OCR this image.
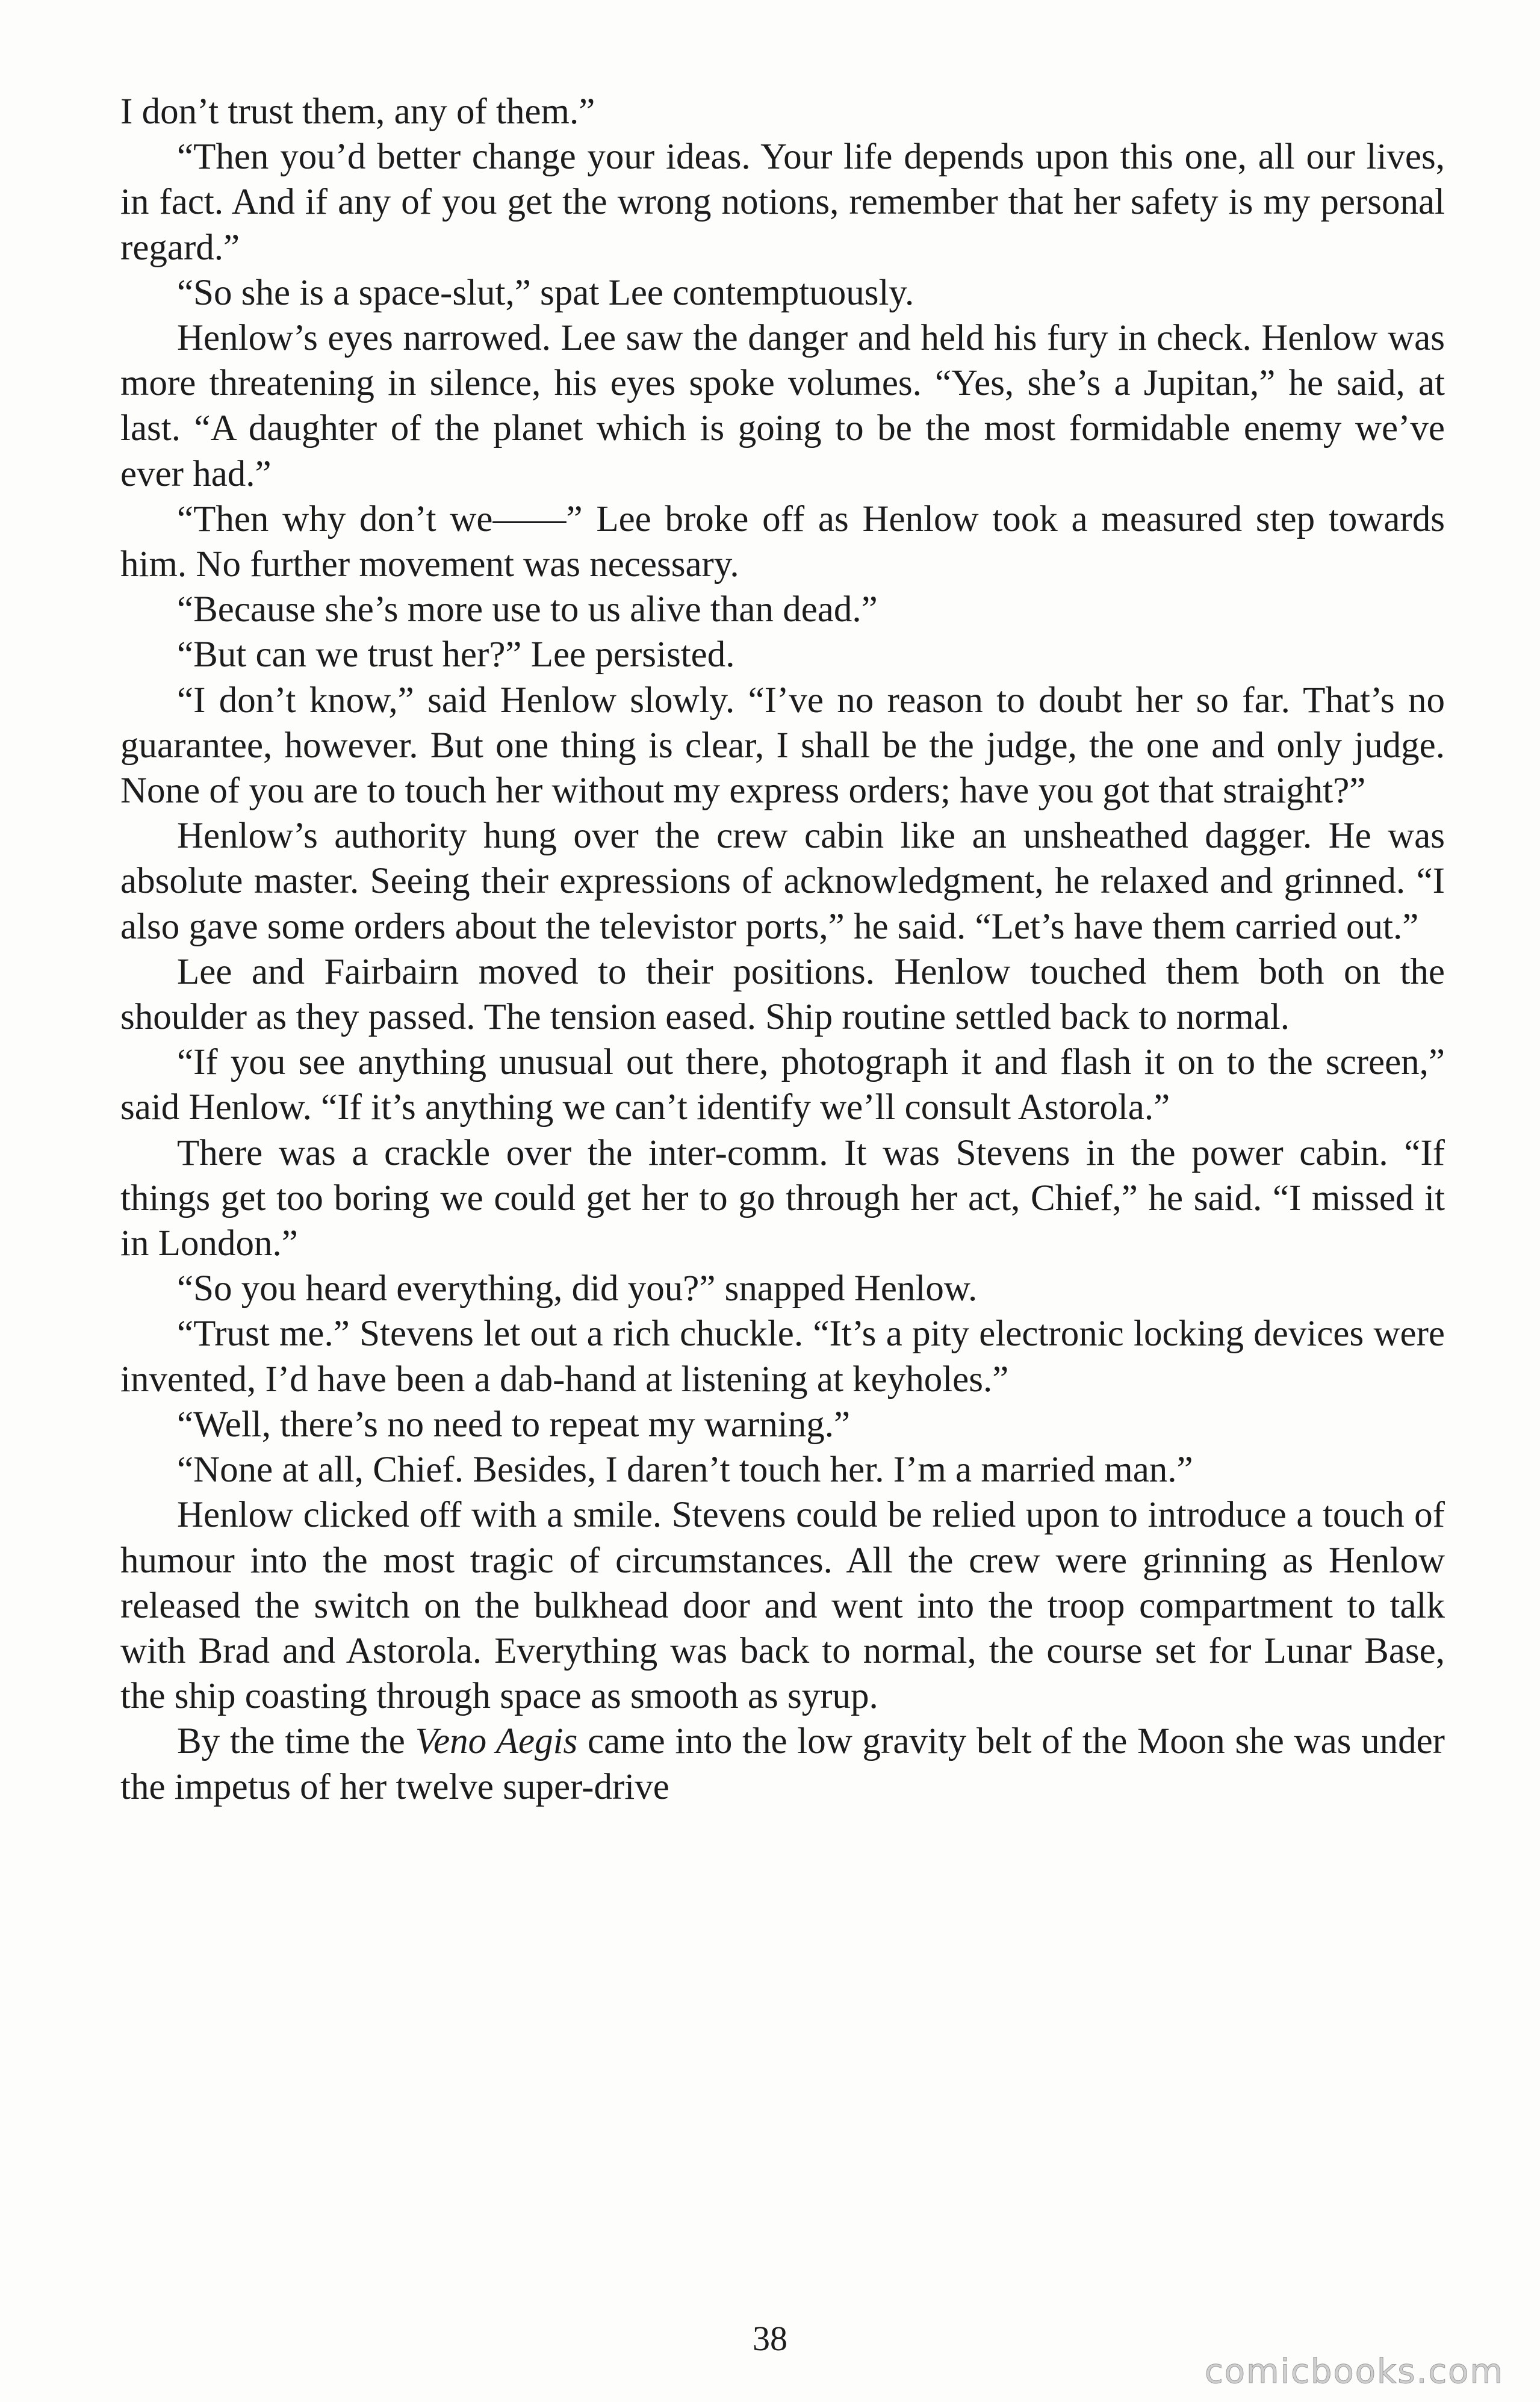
I don’t trust them, any of them.”

“Then you’d better change your ideas. Your life depends upon this one, all our lives, in fact. And if any of you get the wrong notions, remember that her safety is my personal regard.”

“So she is a space-slut,” spat Lee contemptuously.

Henlow’s eyes narrowed. Lee saw the danger and held his fury in check. Henlow was more threatening in silence, his eyes spoke volumes. “Yes, she’s a Jupitan,” he said, at last. “A daughter of the planet which is going to be the most formidable enemy we’ve ever had.”

“Then why don’t we——” Lee broke off as Henlow took a measured step towards him. No further movement was necessary.

“Because she’s more use to us alive than dead.”

“But can we trust her?” Lee persisted.

“I don’t know,” said Henlow slowly. “I’ve no reason to doubt her so far. That’s no guarantee, however. But one thing is clear, I shall be the judge, the one and only judge. None of you are to touch her without my express orders; have you got that straight?”

Henlow’s authority hung over the crew cabin like an unsheathed dagger. He was absolute master. Seeing their expressions of acknowledgment, he relaxed and grinned. “I also gave some orders about the televistor ports,” he said. “Let’s have them carried out.”

Lee and Fairbairn moved to their positions. Henlow touched them both on the shoulder as they passed. The tension eased. Ship routine settled back to normal.

“If you see anything unusual out there, photograph it and flash it on to the screen,” said Henlow. “If it’s anything we can’t identify we’ll consult Astorola.”

There was a crackle over the inter-comm. It was Stevens in the power cabin. “If things get too boring we could get her to go through her act, Chief,” he said. “I missed it in London.”

“So you heard everything, did you?” snapped Henlow.

“Trust me.” Stevens let out a rich chuckle. “It’s a pity electronic locking devices were invented, I’d have been a dab-hand at listening at keyholes.”

“Well, there’s no need to repeat my warning.”

“None at all, Chief. Besides, I daren’t touch her. I’m a married man.”

Henlow clicked off with a smile. Stevens could be relied upon to introduce a touch of humour into the most tragic of circumstances. All the crew were grinning as Henlow released the switch on the bulkhead door and went into the troop compartment to talk with Brad and Astorola. Everything was back to normal, the course set for Lunar Base, the ship coasting through space as smooth as syrup.

By the time the Veno Aegis came into the low gravity belt of the Moon she was under the impetus of her twelve super-drive

38
comicbooks.com
